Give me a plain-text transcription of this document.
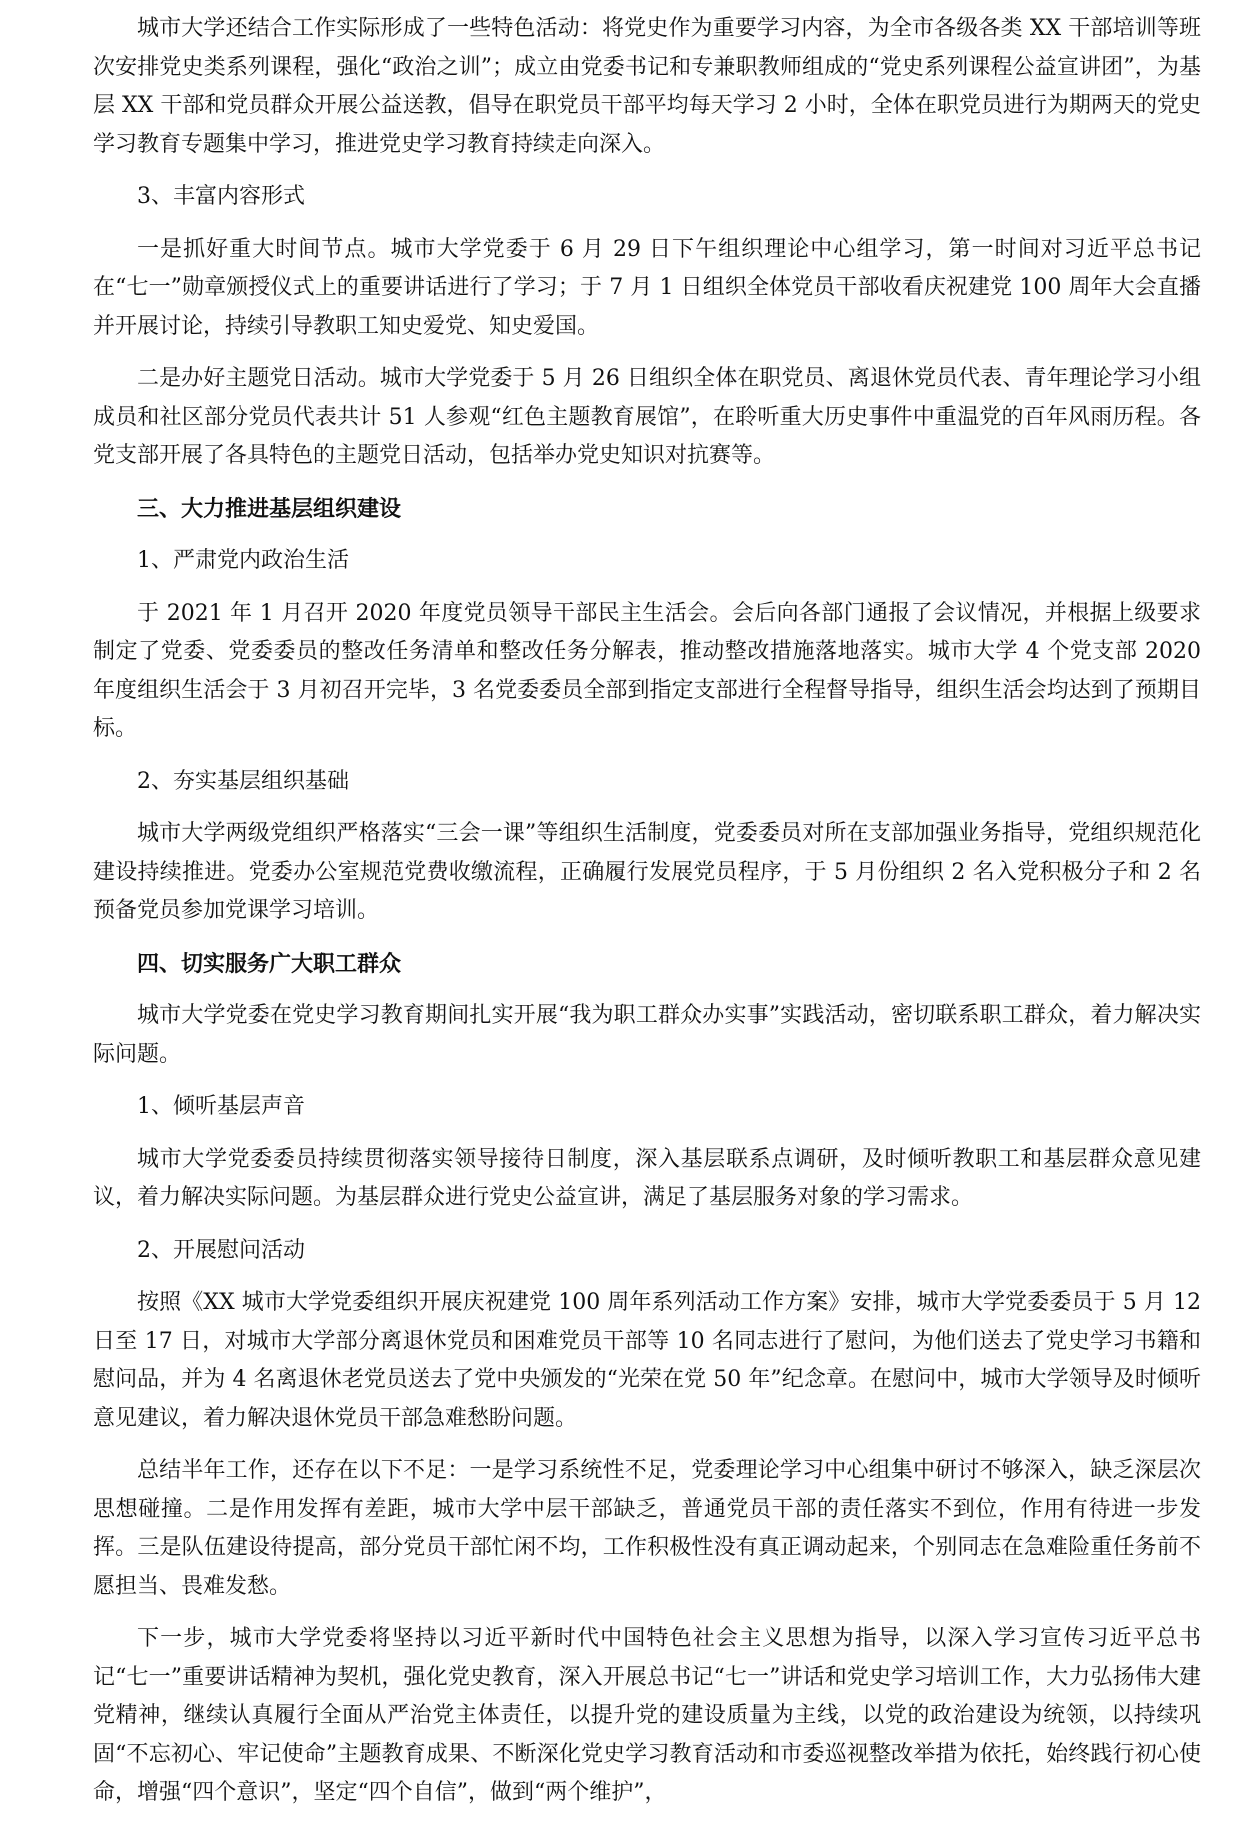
城市大学还结合工作实际形成了一些特色活动：将党史作为重要学习内容，为全市各级各类 XX 干部培训等班次安排党史类系列课程，强化“政治之训”；成立由党委书记和专兼职教师组成的“党史系列课程公益宣讲团”，为基层 XX 干部和党员群众开展公益送教，倡导在职党员干部平均每天学习 2 小时，全体在职党员进行为期两天的党史学习教育专题集中学习，推进党史学习教育持续走向深入。

3、丰富内容形式

一是抓好重大时间节点。城市大学党委于 6 月 29 日下午组织理论中心组学习，第一时间对习近平总书记在“七一”勋章颁授仪式上的重要讲话进行了学习；于 7 月 1 日组织全体党员干部收看庆祝建党 100 周年大会直播并开展讨论，持续引导教职工知史爱党、知史爱国。

二是办好主题党日活动。城市大学党委于 5 月 26 日组织全体在职党员、离退休党员代表、青年理论学习小组成员和社区部分党员代表共计 51 人参观“红色主题教育展馆”，在聆听重大历史事件中重温党的百年风雨历程。各党支部开展了各具特色的主题党日活动，包括举办党史知识对抗赛等。

三、大力推进基层组织建设

1、严肃党内政治生活

于 2021 年 1 月召开 2020 年度党员领导干部民主生活会。会后向各部门通报了会议情况，并根据上级要求制定了党委、党委委员的整改任务清单和整改任务分解表，推动整改措施落地落实。城市大学 4 个党支部 2020 年度组织生活会于 3 月初召开完毕，3 名党委委员全部到指定支部进行全程督导指导，组织生活会均达到了预期目标。

2、夯实基层组织基础

城市大学两级党组织严格落实“三会一课”等组织生活制度，党委委员对所在支部加强业务指导，党组织规范化建设持续推进。党委办公室规范党费收缴流程，正确履行发展党员程序，于 5 月份组织 2 名入党积极分子和 2 名预备党员参加党课学习培训。

四、切实服务广大职工群众

城市大学党委在党史学习教育期间扎实开展“我为职工群众办实事”实践活动，密切联系职工群众，着力解决实际问题。

1、倾听基层声音

城市大学党委委员持续贯彻落实领导接待日制度，深入基层联系点调研，及时倾听教职工和基层群众意见建议，着力解决实际问题。为基层群众进行党史公益宣讲，满足了基层服务对象的学习需求。

2、开展慰问活动

按照《XX 城市大学党委组织开展庆祝建党 100 周年系列活动工作方案》安排，城市大学党委委员于 5 月 12 日至 17 日，对城市大学部分离退休党员和困难党员干部等 10 名同志进行了慰问，为他们送去了党史学习书籍和慰问品，并为 4 名离退休老党员送去了党中央颁发的“光荣在党 50 年”纪念章。在慰问中，城市大学领导及时倾听意见建议，着力解决退休党员干部急难愁盼问题。

总结半年工作，还存在以下不足：一是学习系统性不足，党委理论学习中心组集中研讨不够深入，缺乏深层次思想碰撞。二是作用发挥有差距，城市大学中层干部缺乏，普通党员干部的责任落实不到位，作用有待进一步发挥。三是队伍建设待提高，部分党员干部忙闲不均，工作积极性没有真正调动起来，个别同志在急难险重任务前不愿担当、畏难发愁。

下一步，城市大学党委将坚持以习近平新时代中国特色社会主义思想为指导，以深入学习宣传习近平总书记“七一”重要讲话精神为契机，强化党史教育，深入开展总书记“七一”讲话和党史学习培训工作，大力弘扬伟大建党精神，继续认真履行全面从严治党主体责任，以提升党的建设质量为主线，以党的政治建设为统领，以持续巩固“不忘初心、牢记使命”主题教育成果、不断深化党史学习教育活动和市委巡视整改举措为依托，始终践行初心使命，增强“四个意识”，坚定“四个自信”，做到“两个维护”，
